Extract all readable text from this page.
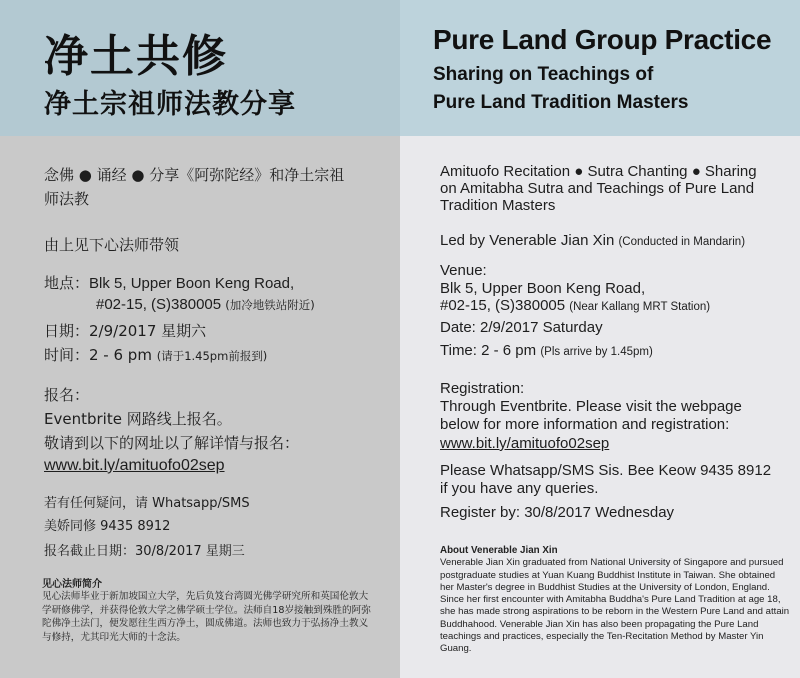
净土共修
净土宗祖师法教分享
念佛 ● 诵经 ● 分享《阿弥陀经》和净土宗祖
师法教
由上见下心法师带领
地点：Blk 5, Upper Boon Keng Road,
#02-15, (S)380005 (加冷地铁站附近)
日期：2/9/2017 星期六
时间：2 - 6 pm (请于1.45pm前报到)
报名：
Eventbrite 网路线上报名。
敬请到以下的网址以了解详情与报名：
www.bit.ly/amituofo02sep
若有任何疑问，请 Whatsapp/SMS
美娇同修 9435 8912
报名截止日期：30/8/2017 星期三
见心法师简介
见心法师毕业于新加坡国立大学，先后负笈台湾圆光佛学研究所和英国伦敦大学研修佛学，并获得伦敦大学之佛学硕士学位。法师自18岁接触到殊胜的阿弥陀佛净土法门，便发愿往生西方净土，圆成佛道。法师也致力于弘扬净土教义与修持，尤其印光大师的十念法。
Pure Land Group Practice
Sharing on Teachings of
Pure Land Tradition Masters
Amituofo Recitation ● Sutra Chanting ● Sharing
on Amitabha Sutra and Teachings of Pure Land
Tradition Masters
Led by Venerable Jian Xin (Conducted in Mandarin)
Venue:
Blk 5, Upper Boon Keng Road,
#02-15, (S)380005 (Near Kallang MRT Station)
Date: 2/9/2017 Saturday
Time: 2 - 6 pm (Pls arrive by 1.45pm)
Registration:
Through Eventbrite. Please visit the webpage
below for more information and registration:
www.bit.ly/amituofo02sep
Please Whatsapp/SMS Sis. Bee Keow 9435 8912
if you have any queries.
Register by: 30/8/2017 Wednesday
About Venerable Jian Xin
Venerable Jian Xin graduated from National University of Singapore and pursued postgraduate studies at Yuan Kuang Buddhist Institute in Taiwan. She obtained her Master's degree in Buddhist Studies at the University of London, England. Since her first encounter with Amitabha Buddha's Pure Land Tradition at age 18, she has made strong aspirations to be reborn in the Western Pure Land and attain Buddhahood. Venerable Jian Xin has also been propagating the Pure Land teachings and practices, especially the Ten-Recitation Method by Master Yin Guang.
